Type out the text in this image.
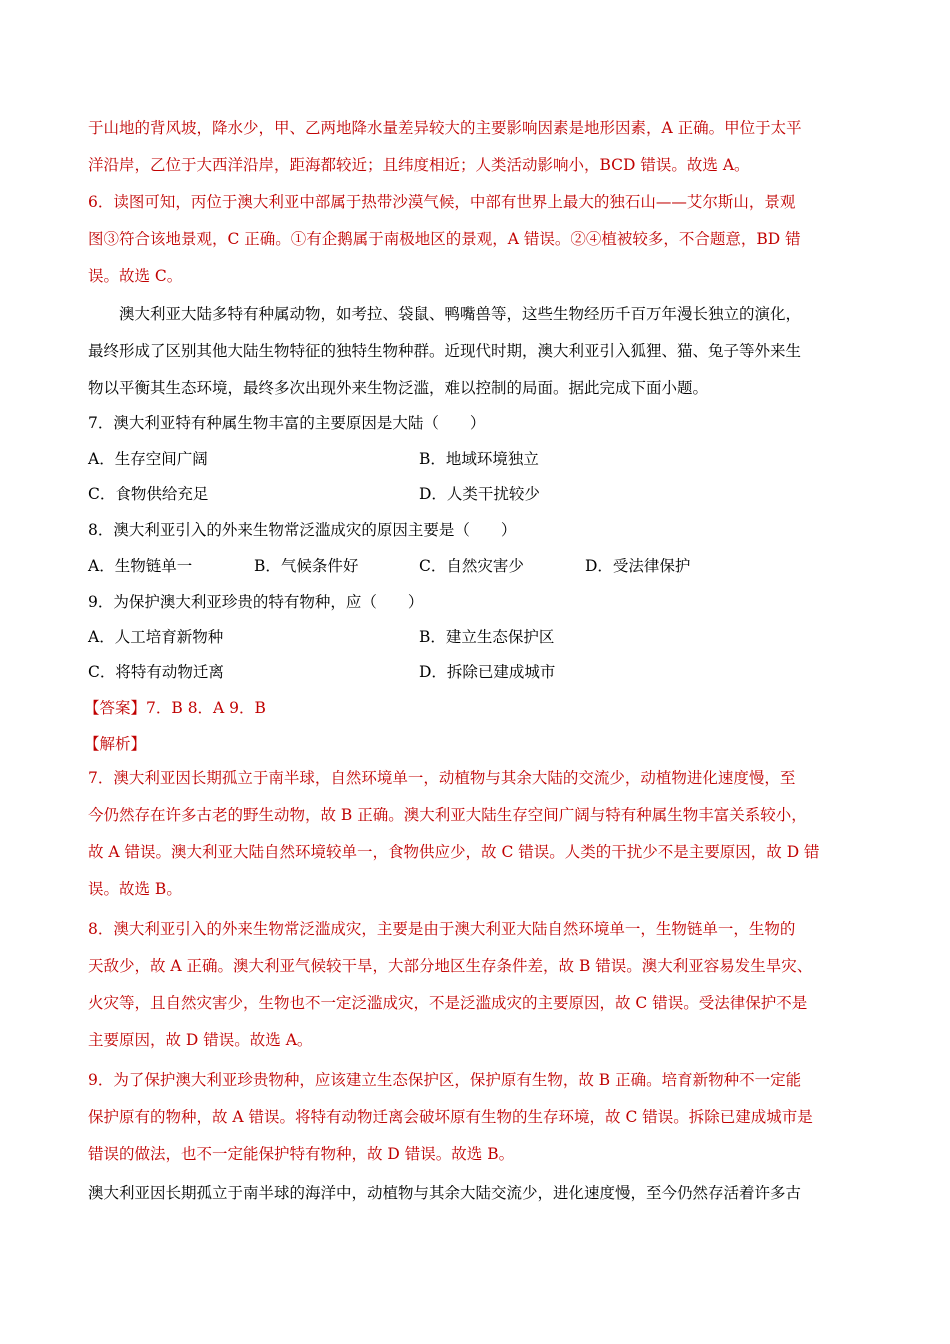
于山地的背风坡，降水少，甲、乙两地降水量差异较大的主要影响因素是地形因素，A 正确。甲位于太平
洋沿岸，乙位于大西洋沿岸，距海都较近；且纬度相近；人类活动影响小，BCD 错误。故选 A。
6．读图可知，丙位于澳大利亚中部属于热带沙漠气候，中部有世界上最大的独石山——艾尔斯山，景观
图③符合该地景观，C 正确。①有企鹅属于南极地区的景观，A 错误。②④植被较多，不合题意，BD 错
误。故选 C。
澳大利亚大陆多特有种属动物，如考拉、袋鼠、鸭嘴兽等，这些生物经历千百万年漫长独立的演化，
最终形成了区别其他大陆生物特征的独特生物种群。近现代时期，澳大利亚引入狐狸、猫、兔子等外来生
物以平衡其生态环境，最终多次出现外来生物泛滥，难以控制的局面。据此完成下面小题。
7．澳大利亚特有种属生物丰富的主要原因是大陆（　　）
A．生存空间广阔	B．地域环境独立
C．食物供给充足	D．人类干扰较少
8．澳大利亚引入的外来生物常泛滥成灾的原因主要是（　　）
A．生物链单一	B．气候条件好	C．自然灾害少	D．受法律保护
9．为保护澳大利亚珍贵的特有物种，应（　　）
A．人工培育新物种	B．建立生态保护区
C．将特有动物迁离	D．拆除已建成城市
【答案】7．B 8．A 9．B
【解析】
7．澳大利亚因长期孤立于南半球，自然环境单一，动植物与其余大陆的交流少，动植物进化速度慢，至
今仍然存在许多古老的野生动物，故 B 正确。澳大利亚大陆生存空间广阔与特有种属生物丰富关系较小，
故 A 错误。澳大利亚大陆自然环境较单一，食物供应少，故 C 错误。人类的干扰少不是主要原因，故 D 错
误。故选 B。
8．澳大利亚引入的外来生物常泛滥成灾，主要是由于澳大利亚大陆自然环境单一，生物链单一，生物的
天敌少，故 A 正确。澳大利亚气候较干旱，大部分地区生存条件差，故 B 错误。澳大利亚容易发生旱灾、
火灾等，且自然灾害少，生物也不一定泛滥成灾，不是泛滥成灾的主要原因，故 C 错误。受法律保护不是
主要原因，故 D 错误。故选 A。
9．为了保护澳大利亚珍贵物种，应该建立生态保护区，保护原有生物，故 B 正确。培育新物种不一定能
保护原有的物种，故 A 错误。将特有动物迁离会破坏原有生物的生存环境，故 C 错误。拆除已建成城市是
错误的做法，也不一定能保护特有物种，故 D 错误。故选 B。
澳大利亚因长期孤立于南半球的海洋中，动植物与其余大陆交流少，进化速度慢，至今仍然存活着许多古
